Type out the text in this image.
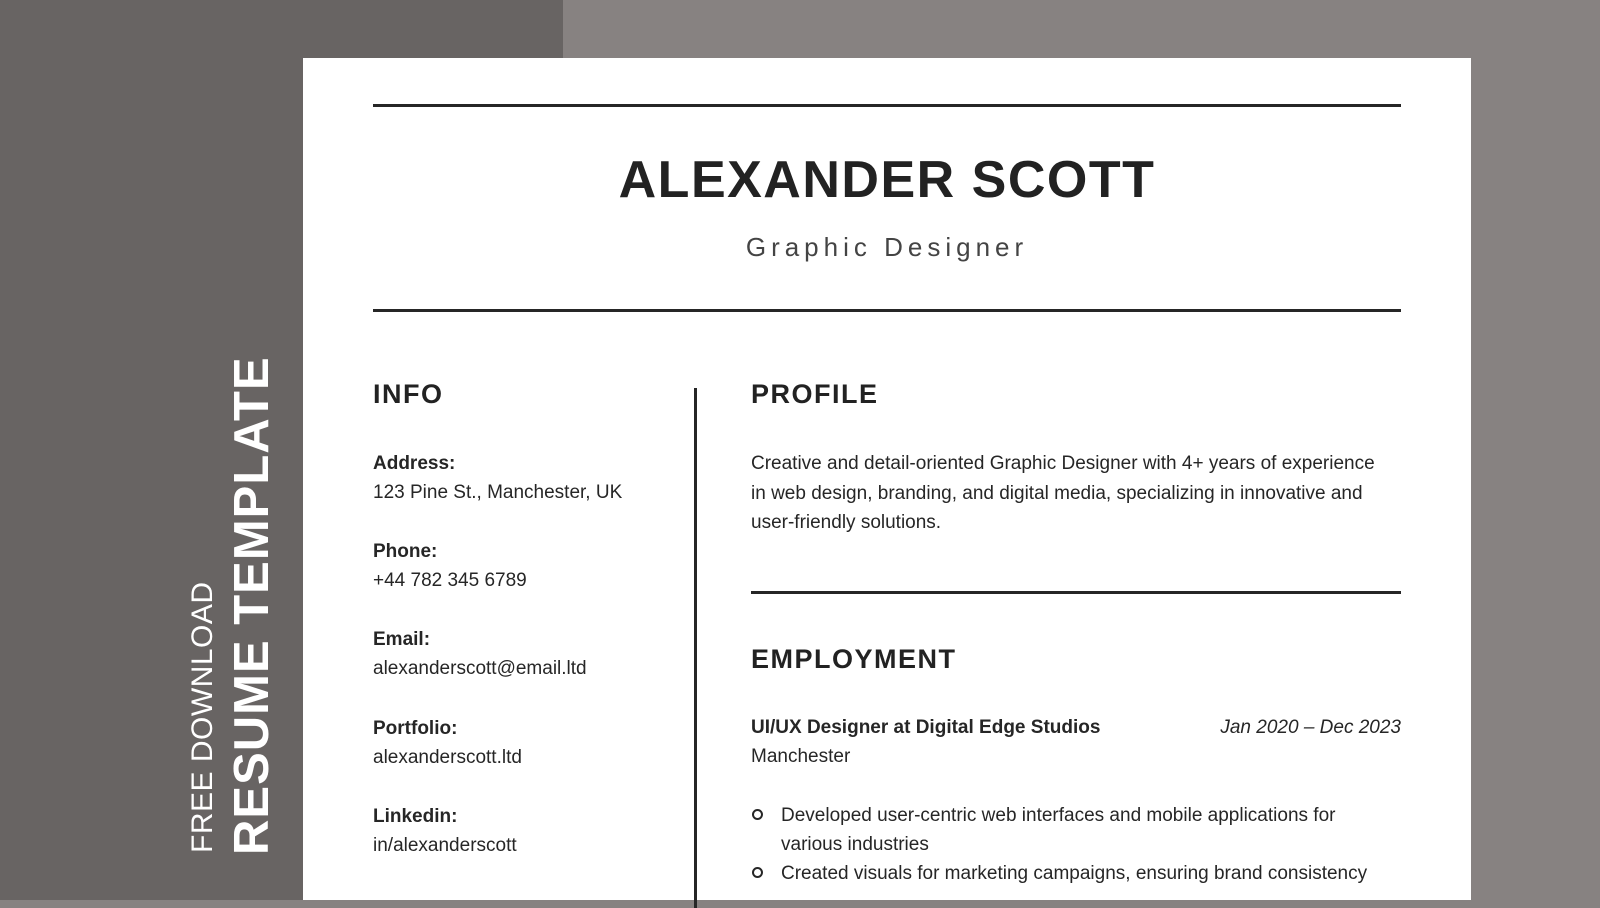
FREE DOWNLOAD RESUME TEMPLATE
ALEXANDER SCOTT
Graphic Designer
INFO
Address:
123 Pine St., Manchester, UK
Phone:
+44 782 345 6789
Email:
alexanderscott@email.ltd
Portfolio:
alexanderscott.ltd
Linkedin:
in/alexanderscott
PROFILE
Creative and detail-oriented Graphic Designer with 4+ years of experience in web design, branding, and digital media, specializing in innovative and user-friendly solutions.
EMPLOYMENT
UI/UX Designer at Digital Edge Studios	Jan 2020 – Dec 2023
Manchester
Developed user-centric web interfaces and mobile applications for various industries
Created visuals for marketing campaigns, ensuring brand consistency
